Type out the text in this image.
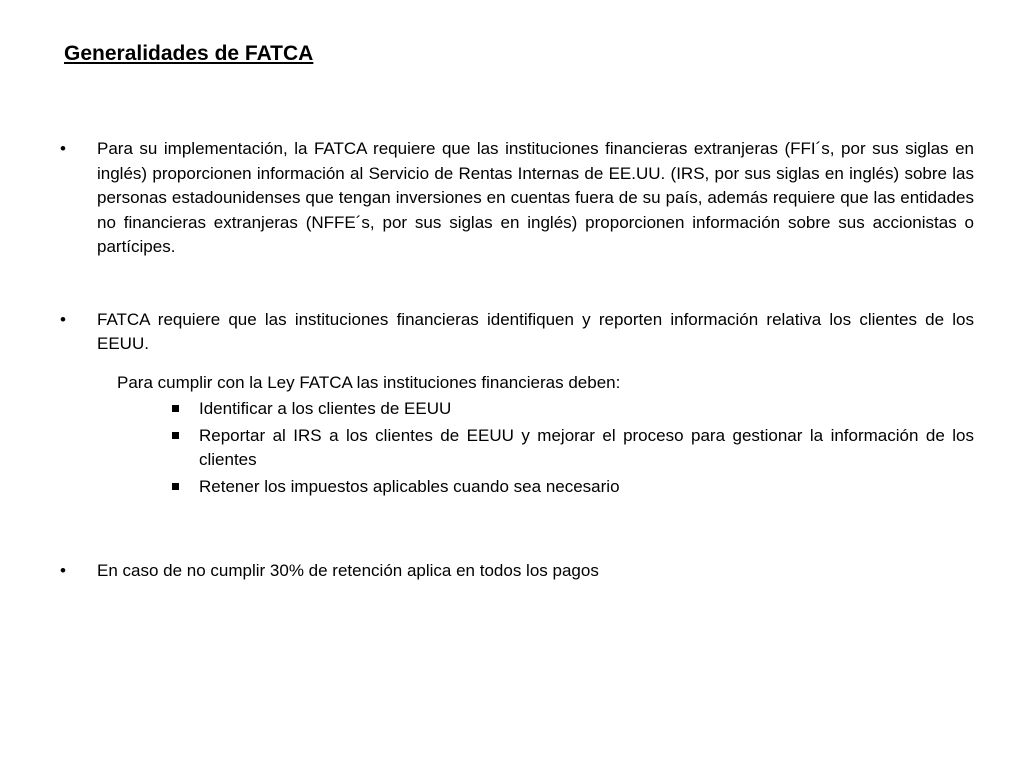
Generalidades de FATCA
• Para su implementación, la FATCA requiere que las instituciones financieras extranjeras (FFI´s, por sus siglas en inglés) proporcionen información al Servicio de Rentas Internas de EE.UU. (IRS, por sus siglas en inglés) sobre las personas estadounidenses que tengan inversiones en cuentas fuera de su país, además requiere que las entidades no financieras extranjeras (NFFE´s, por sus siglas en inglés) proporcionen información sobre sus accionistas o partícipes.
• FATCA requiere que las instituciones financieras identifiquen y reporten información relativa los clientes de los EEUU.
Para cumplir con la Ley FATCA las instituciones financieras deben:
Identificar a los clientes de EEUU
Reportar al IRS a los clientes de EEUU y mejorar el proceso para gestionar la información de los clientes
Retener los impuestos aplicables cuando sea necesario
• En caso de no cumplir 30% de retención aplica en todos los pagos
